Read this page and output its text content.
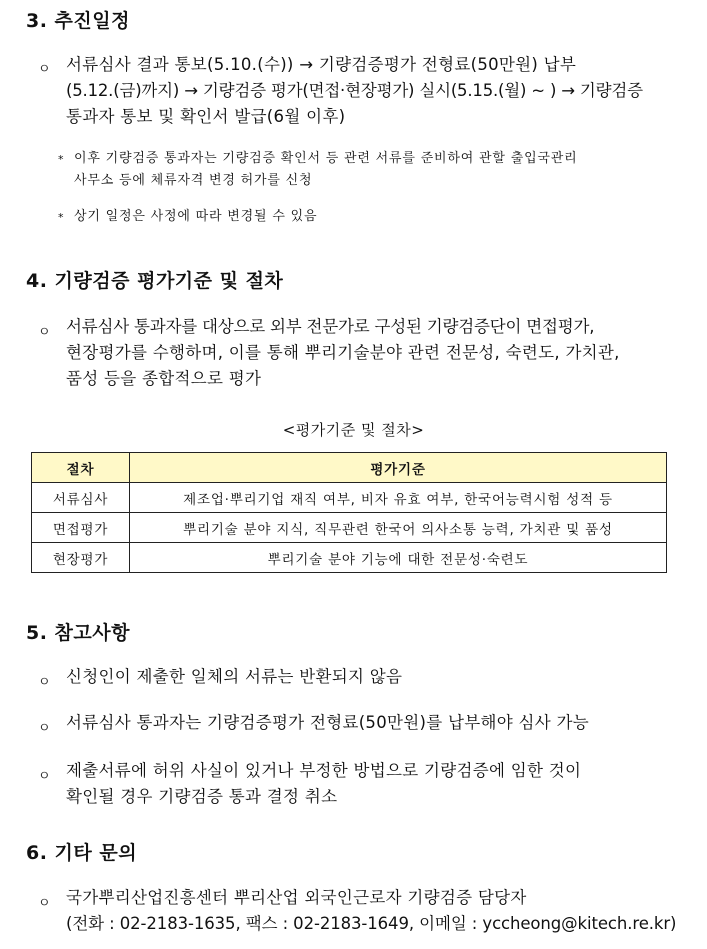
3. 추진일정
ㅇ 서류심사 결과 통보(5.10.(수)) → 기량검증평가 전형료(50만원) 납부
(5.12.(금)까지) → 기량검증 평가(면접·현장평가) 실시(5.15.(월) ~ ) → 기량검증
통과자 통보 및 확인서 발급(6월 이후)
* 이후 기량검증 통과자는 기량검증 확인서 등 관련 서류를 준비하여 관할 출입국관리
사무소 등에 체류자격 변경 허가를 신청
* 상기 일정은 사정에 따라 변경될 수 있음
4. 기량검증 평가기준 및 절차
ㅇ 서류심사 통과자를 대상으로 외부 전문가로 구성된 기량검증단이 면접평가,
현장평가를 수행하며, 이를 통해 뿌리기술분야 관련 전문성, 숙련도, 가치관,
품성 등을 종합적으로 평가
<평가기준 및 절차>
절차	평가기준
서류심사	제조업·뿌리기업 재직 여부, 비자 유효 여부, 한국어능력시험 성적 등
면접평가	뿌리기술 분야 지식, 직무관련 한국어 의사소통 능력, 가치관 및 품성
현장평가	뿌리기술 분야 기능에 대한 전문성·숙련도
5. 참고사항
ㅇ 신청인이 제출한 일체의 서류는 반환되지 않음
ㅇ 서류심사 통과자는 기량검증평가 전형료(50만원)를 납부해야 심사 가능
ㅇ 제출서류에 허위 사실이 있거나 부정한 방법으로 기량검증에 임한 것이
확인될 경우 기량검증 통과 결정 취소
6. 기타 문의
ㅇ 국가뿌리산업진흥센터 뿌리산업 외국인근로자 기량검증 담당자
(전화 : 02-2183-1635, 팩스 : 02-2183-1649, 이메일 : yccheong@kitech.re.kr)
